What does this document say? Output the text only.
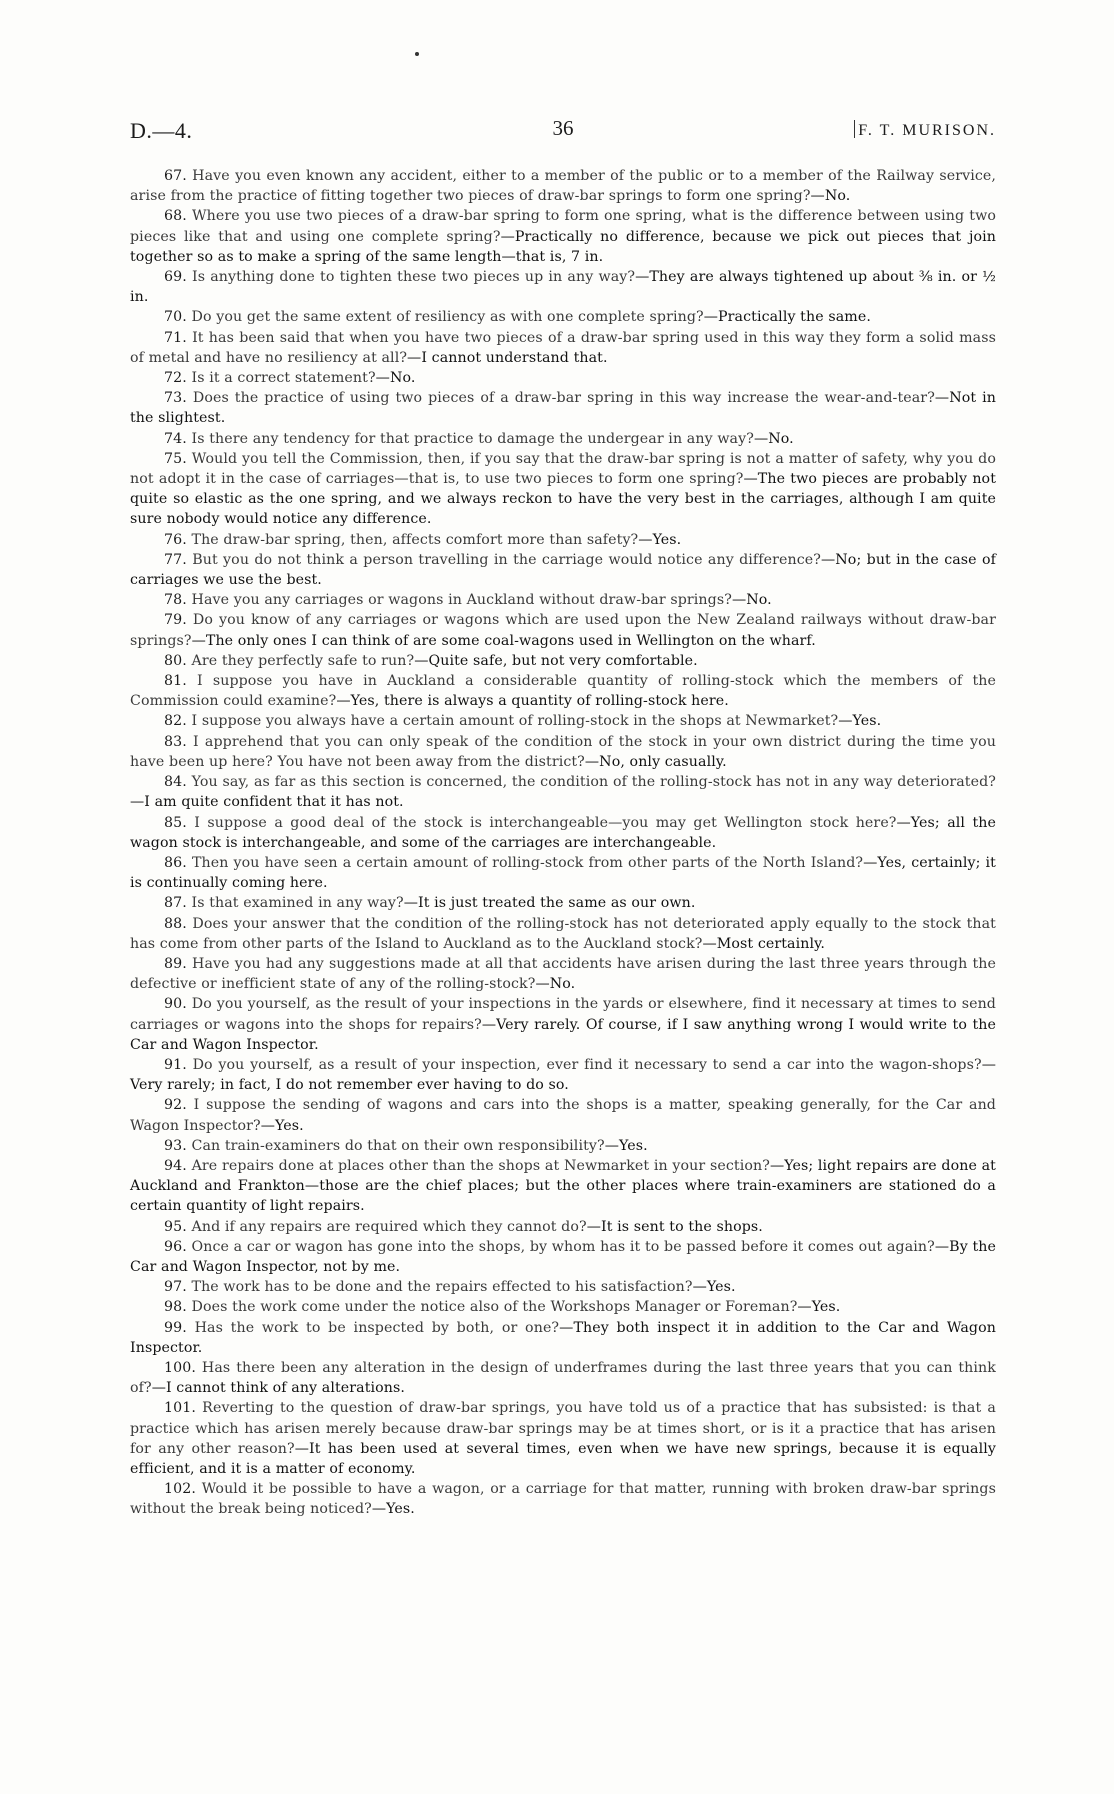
D.—4.	36	F. T. MURISON.

67. Have you even known any accident, either to a member of the public or to a member of the Railway service, arise from the practice of fitting together two pieces of draw-bar springs to form one spring?—No.

68. Where you use two pieces of a draw-bar spring to form one spring, what is the difference between using two pieces like that and using one complete spring?—Practically no difference, because we pick out pieces that join together so as to make a spring of the same length—that is, 7 in.

69. Is anything done to tighten these two pieces up in any way?—They are always tightened up about ⅜ in. or ½ in.

70. Do you get the same extent of resiliency as with one complete spring?—Practically the same.

71. It has been said that when you have two pieces of a draw-bar spring used in this way they form a solid mass of metal and have no resiliency at all?—I cannot understand that.

72. Is it a correct statement?—No.

73. Does the practice of using two pieces of a draw-bar spring in this way increase the wear-and-tear?—Not in the slightest.

74. Is there any tendency for that practice to damage the undergear in any way?—No.

75. Would you tell the Commission, then, if you say that the draw-bar spring is not a matter of safety, why you do not adopt it in the case of carriages—that is, to use two pieces to form one spring?—The two pieces are probably not quite so elastic as the one spring, and we always reckon to have the very best in the carriages, although I am quite sure nobody would notice any difference.

76. The draw-bar spring, then, affects comfort more than safety?—Yes.

77. But you do not think a person travelling in the carriage would notice any difference?—No; but in the case of carriages we use the best.

78. Have you any carriages or wagons in Auckland without draw-bar springs?—No.

79. Do you know of any carriages or wagons which are used upon the New Zealand railways without draw-bar springs?—The only ones I can think of are some coal-wagons used in Wellington on the wharf.

80. Are they perfectly safe to run?—Quite safe, but not very comfortable.

81. I suppose you have in Auckland a considerable quantity of rolling-stock which the members of the Commission could examine?—Yes, there is always a quantity of rolling-stock here.

82. I suppose you always have a certain amount of rolling-stock in the shops at Newmarket?—Yes.

83. I apprehend that you can only speak of the condition of the stock in your own district during the time you have been up here? You have not been away from the district?—No, only casually.

84. You say, as far as this section is concerned, the condition of the rolling-stock has not in any way deteriorated?—I am quite confident that it has not.

85. I suppose a good deal of the stock is interchangeable—you may get Wellington stock here?—Yes; all the wagon stock is interchangeable, and some of the carriages are interchangeable.

86. Then you have seen a certain amount of rolling-stock from other parts of the North Island?—Yes, certainly; it is continually coming here.

87. Is that examined in any way?—It is just treated the same as our own.

88. Does your answer that the condition of the rolling-stock has not deteriorated apply equally to the stock that has come from other parts of the Island to Auckland as to the Auckland stock?—Most certainly.

89. Have you had any suggestions made at all that accidents have arisen during the last three years through the defective or inefficient state of any of the rolling-stock?—No.

90. Do you yourself, as the result of your inspections in the yards or elsewhere, find it necessary at times to send carriages or wagons into the shops for repairs?—Very rarely. Of course, if I saw anything wrong I would write to the Car and Wagon Inspector.

91. Do you yourself, as a result of your inspection, ever find it necessary to send a car into the wagon-shops?—Very rarely; in fact, I do not remember ever having to do so.

92. I suppose the sending of wagons and cars into the shops is a matter, speaking generally, for the Car and Wagon Inspector?—Yes.

93. Can train-examiners do that on their own responsibility?—Yes.

94. Are repairs done at places other than the shops at Newmarket in your section?—Yes; light repairs are done at Auckland and Frankton—those are the chief places; but the other places where train-examiners are stationed do a certain quantity of light repairs.

95. And if any repairs are required which they cannot do?—It is sent to the shops.

96. Once a car or wagon has gone into the shops, by whom has it to be passed before it comes out again?—By the Car and Wagon Inspector, not by me.

97. The work has to be done and the repairs effected to his satisfaction?—Yes.

98. Does the work come under the notice also of the Workshops Manager or Foreman?—Yes.

99. Has the work to be inspected by both, or one?—They both inspect it in addition to the Car and Wagon Inspector.

100. Has there been any alteration in the design of underframes during the last three years that you can think of?—I cannot think of any alterations.

101. Reverting to the question of draw-bar springs, you have told us of a practice that has subsisted: is that a practice which has arisen merely because draw-bar springs may be at times short, or is it a practice that has arisen for any other reason?—It has been used at several times, even when we have new springs, because it is equally efficient, and it is a matter of economy.

102. Would it be possible to have a wagon, or a carriage for that matter, running with broken draw-bar springs without the break being noticed?—Yes.
